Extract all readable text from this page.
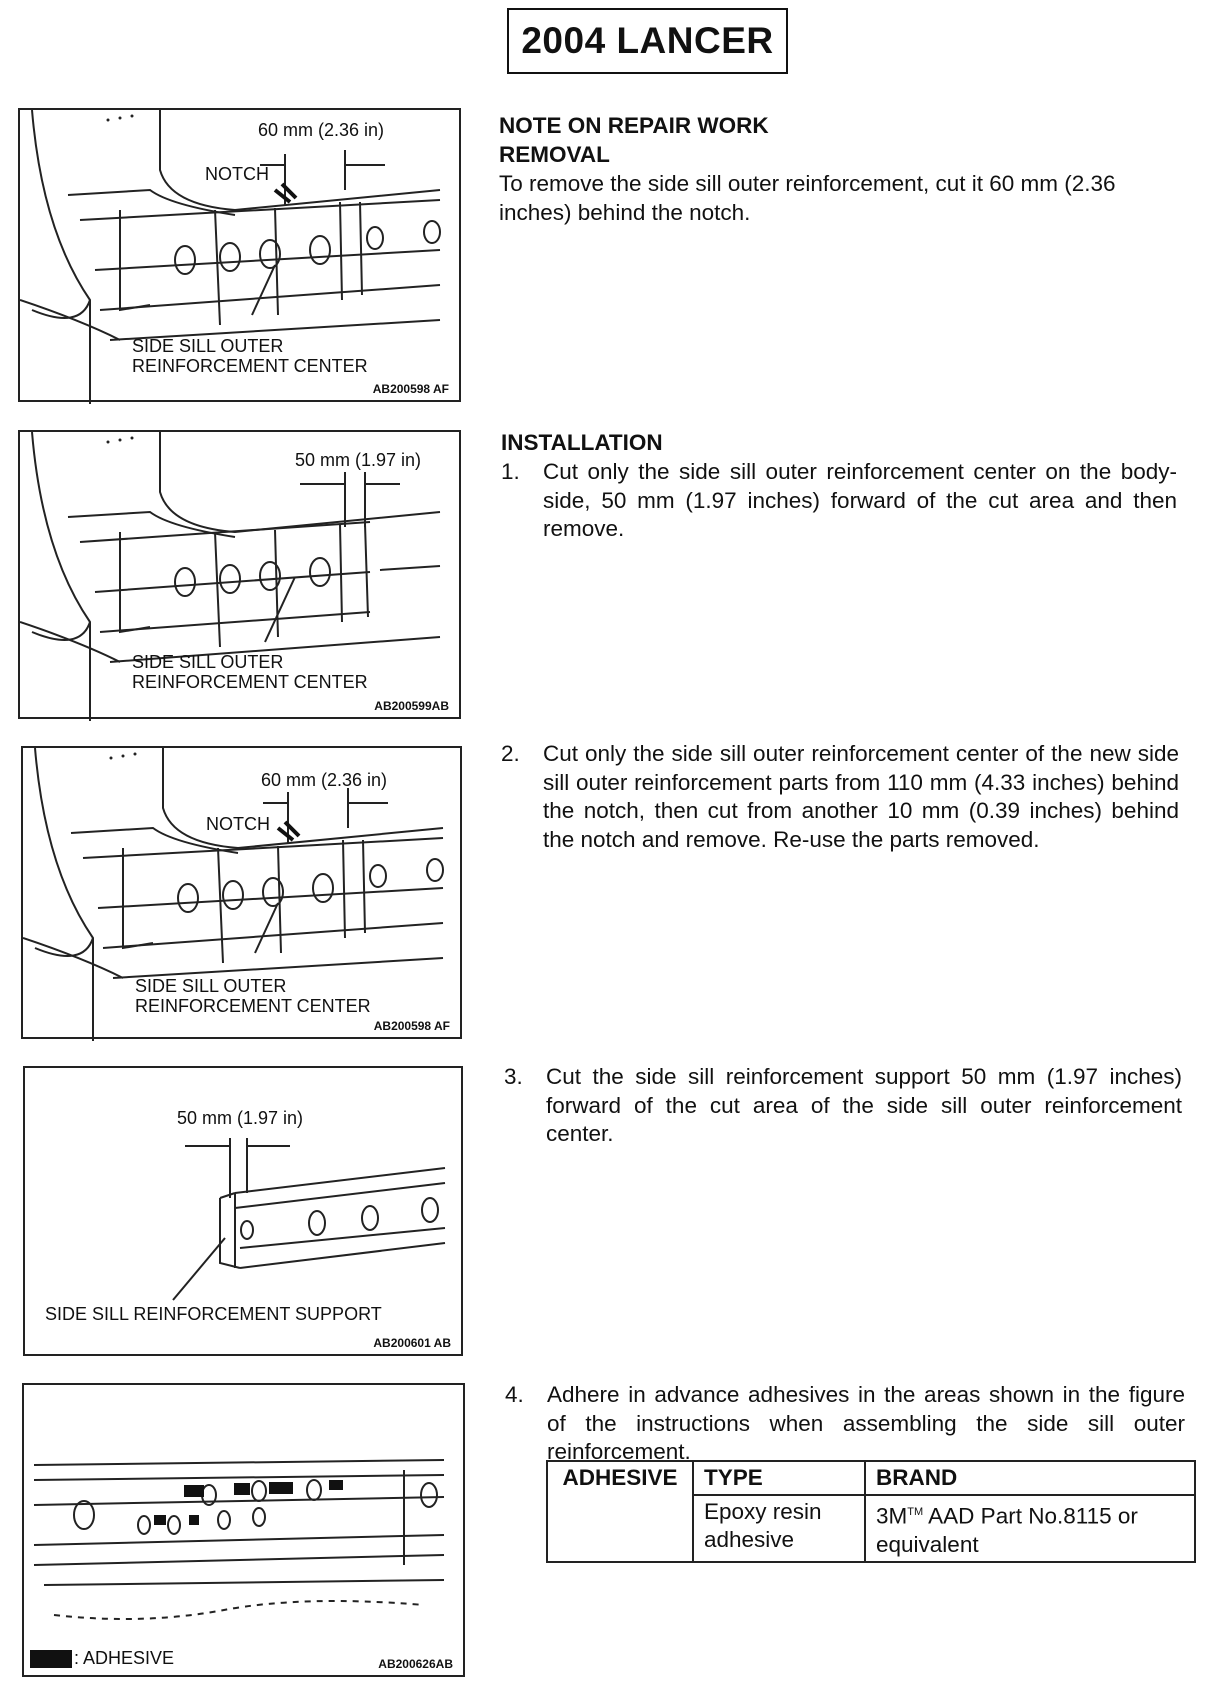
2004 LANCER
60 mm (2.36 in)
NOTCH
SIDE SILL OUTER
REINFORCEMENT CENTER
AB200598 AF
50 mm (1.97 in)
SIDE SILL OUTER
REINFORCEMENT CENTER
AB200599AB
60 mm (2.36 in)
NOTCH
SIDE SILL OUTER
REINFORCEMENT CENTER
AB200598 AF
50 mm (1.97 in)
SIDE SILL REINFORCEMENT SUPPORT
AB200601 AB
: ADHESIVE	AB200626AB
NOTE ON REPAIR WORK
REMOVAL
To remove the side sill outer reinforcement, cut it 60 mm (2.36 inches) behind the notch.
INSTALLATION
1. Cut only the side sill outer reinforcement center on the body-side, 50 mm (1.97 inches) forward of the cut area and then remove.
2. Cut only the side sill outer reinforcement center of the new side sill outer reinforcement parts from 110 mm (4.33 inches) behind the notch, then cut from another 10 mm (0.39 inches) behind the notch and remove. Re-use the parts removed.
3. Cut the side sill reinforcement support 50 mm (1.97 inches) forward of the cut area of the side sill outer reinforcement center.
4. Adhere in advance adhesives in the areas shown in the figure of the instructions when assembling the side sill outer reinforcement.
ADHESIVE	TYPE	BRAND
	Epoxy resin adhesive	3M™ AAD Part No.8115 or equivalent
